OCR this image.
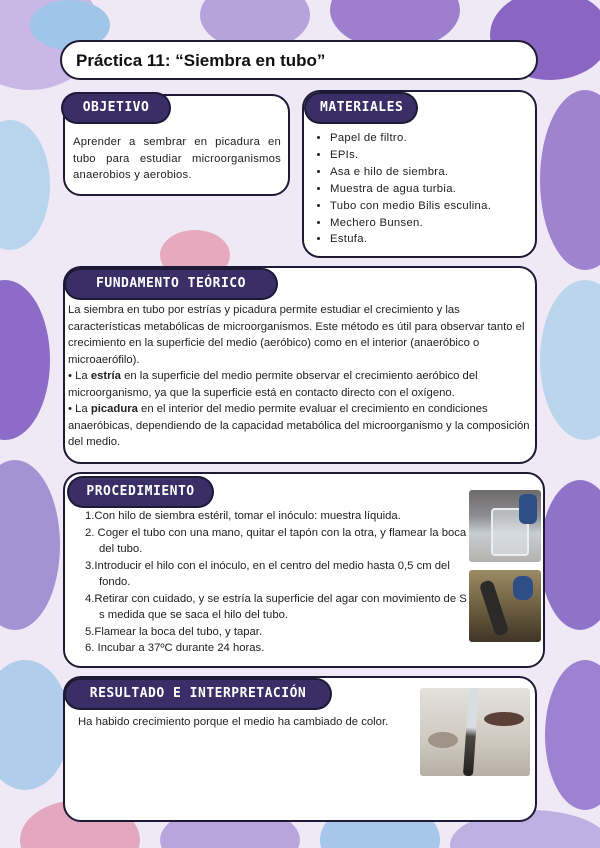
Práctica 11: “Siembra en tubo”
Aprender a sembrar en picadura en tubo para estudiar microorganismos anaerobios y aerobios.
OBJETIVO
• Papel de filtro.
• EPIs.
• Asa e hilo de siembra.
• Muestra de agua turbia.
• Tubo con medio Bilis esculina.
• Mechero Bunsen.
• Estufa.
MATERIALES
La siembra en tubo por estrías y picadura permite estudiar el crecimiento y las características metabólicas de microorganismos. Este método es útil para observar tanto el crecimiento en la superficie del medio (aeróbico) como en el interior (anaeróbico o microaerófilo).
• La estría en la superficie del medio permite observar el crecimiento aeróbico del microorganismo, ya que la superficie está en contacto directo con el oxígeno.
• La picadura en el interior del medio permite evaluar el crecimiento en condiciones anaeróbicas, dependiendo de la capacidad metabólica del microorganismo y la composición del medio.
FUNDAMENTO TEÓRICO
1.Con hilo de siembra estéril, tomar el inóculo: muestra líquida.
2. Coger el tubo con una mano, quitar el tapón con la otra, y flamear la boca del tubo.
3.Introducir el hilo con el inóculo, en el centro del medio hasta 0,5 cm del fondo.
4.Retirar con cuidado, y se estría la superficie del agar con movimiento de S s medida que se saca el hilo del tubo.
5.Flamear la boca del tubo, y tapar.
6. Incubar a 37ºC durante 24 horas.
PROCEDIMIENTO
Ha habido crecimiento porque el medio ha cambiado de color.
RESULTADO E INTERPRETACIÓN
